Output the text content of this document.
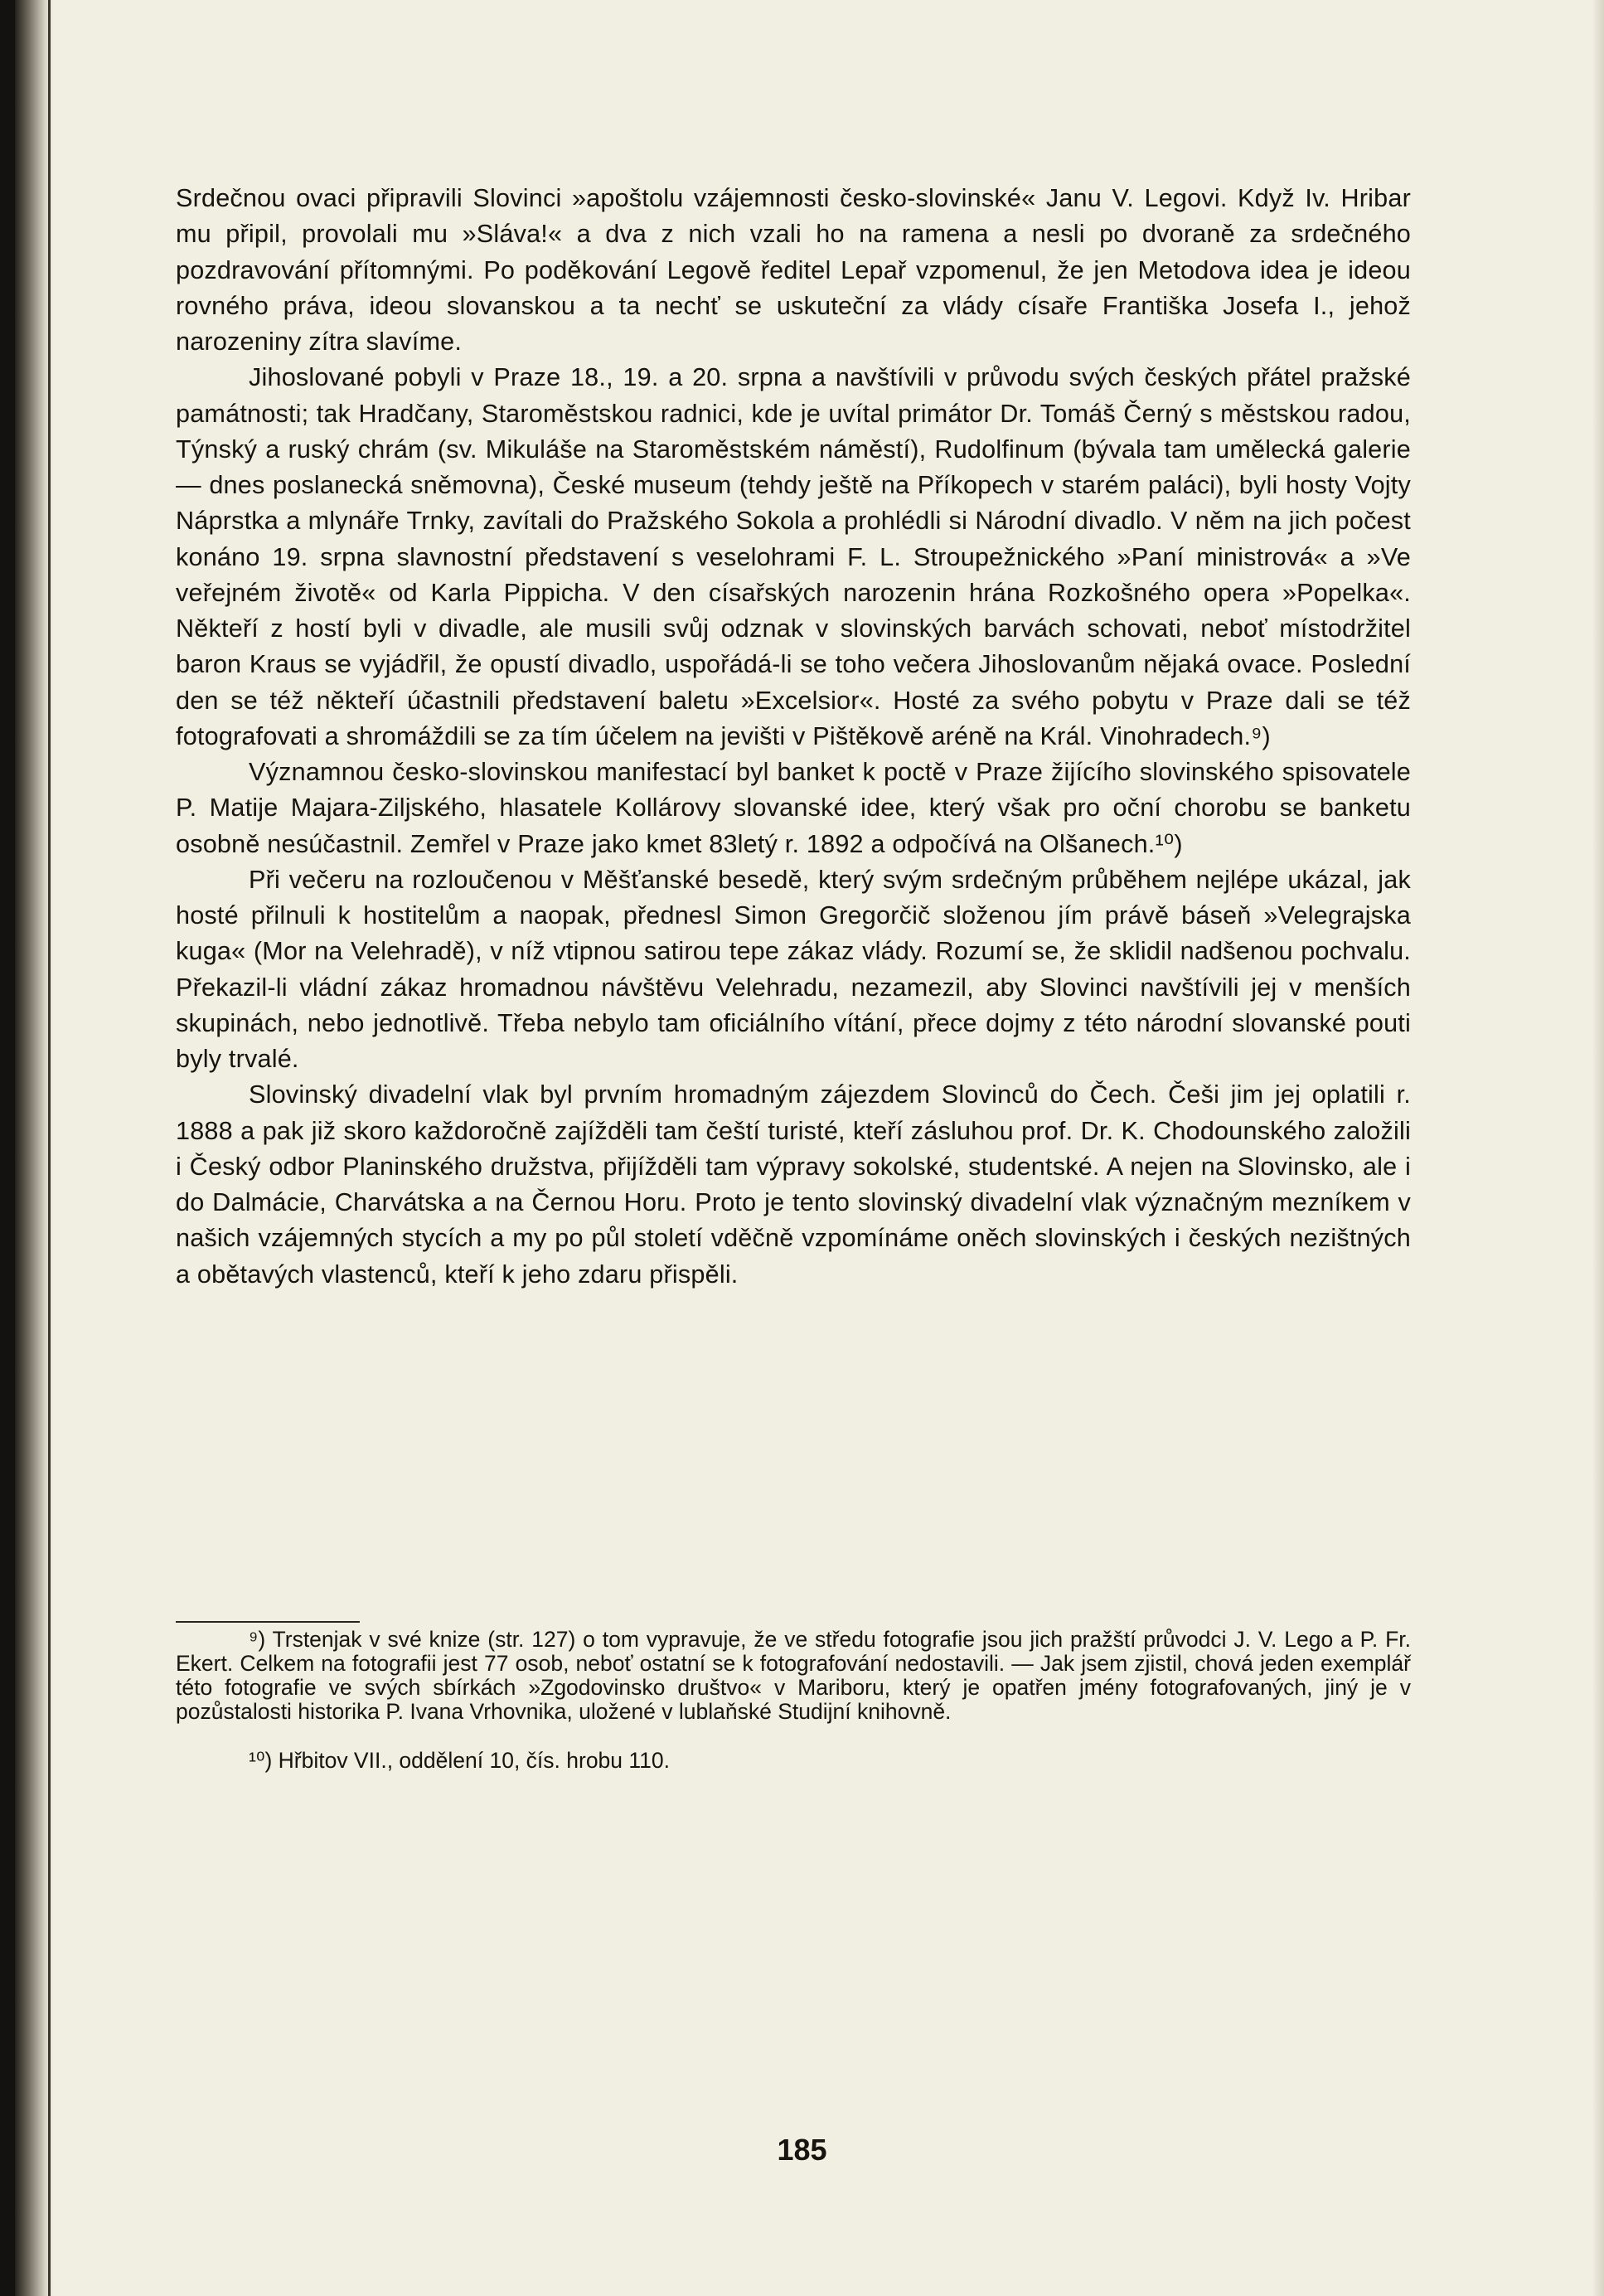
Srdečnou ovaci připravili Slovinci »apoštolu vzájemnosti česko-slovinské« Janu V. Legovi. Když Iv. Hribar mu připil, provolali mu »Sláva!« a dva z nich vzali ho na ramena a nesli po dvoraně za srdečného pozdravování přítomnými. Po poděkování Legově ředitel Lepař vzpomenul, že jen Metodova idea je ideou rovného práva, ideou slovanskou a ta nechť se uskuteční za vlády císaře Františka Josefa I., jehož narozeniny zítra slavíme.

Jihoslované pobyli v Praze 18., 19. a 20. srpna a navštívili v průvodu svých českých přátel pražské památnosti; tak Hradčany, Staroměstskou radnici, kde je uvítal primátor Dr. Tomáš Černý s městskou radou, Týnský a ruský chrám (sv. Mikuláše na Staroměstském náměstí), Rudolfinum (bývala tam umělecká galerie — dnes poslanecká sněmovna), České museum (tehdy ještě na Příkopech v starém paláci), byli hosty Vojty Náprstka a mlynáře Trnky, zavítali do Pražského Sokola a prohlédli si Národní divadlo. V něm na jich počest konáno 19. srpna slavnostní představení s veselohrami F. L. Stroupežnického »Paní ministrová« a »Ve veřejném životě« od Karla Pippicha. V den císařských narozenin hrána Rozkošného opera »Popelka«. Někteří z hostí byli v divadle, ale musili svůj odznak v slovinských barvách schovati, neboť místodržitel baron Kraus se vyjádřil, že opustí divadlo, uspořádá-li se toho večera Jihoslovanům nějaká ovace. Poslední den se též někteří účastnili představení baletu »Excelsior«. Hosté za svého pobytu v Praze dali se též fotografovati a shromáždili se za tím účelem na jevišti v Pištěkově aréně na Král. Vinohradech.⁹)

Významnou česko-slovinskou manifestací byl banket k poctě v Praze žijícího slovinského spisovatele P. Matije Majara-Ziljského, hlasatele Kollárovy slovanské idee, který však pro oční chorobu se banketu osobně nesúčastnil. Zemřel v Praze jako kmet 83letý r. 1892 a odpočívá na Olšanech.¹⁰)

Při večeru na rozloučenou v Měšťanské besedě, který svým srdečným průběhem nejlépe ukázal, jak hosté přilnuli k hostitelům a naopak, přednesl Simon Gregorčič složenou jím právě báseň »Velegrajska kuga« (Mor na Velehradě), v níž vtipnou satirou tepe zákaz vlády. Rozumí se, že sklidil nadšenou pochvalu. Překazil-li vládní zákaz hromadnou návštěvu Velehradu, nezamezil, aby Slovinci navštívili jej v menších skupinách, nebo jednotlivě. Třeba nebylo tam oficiálního vítání, přece dojmy z této národní slovanské pouti byly trvalé.

Slovinský divadelní vlak byl prvním hromadným zájezdem Slovinců do Čech. Češi jim jej oplatili r. 1888 a pak již skoro každoročně zajížděli tam čeští turisté, kteří zásluhou prof. Dr. K. Chodounského založili i Český odbor Planinského družstva, přijížděli tam výpravy sokolské, studentské. A nejen na Slovinsko, ale i do Dalmácie, Charvátska a na Černou Horu. Proto je tento slovinský divadelní vlak význačným mezníkem v našich vzájemných stycích a my po půl století vděčně vzpomínáme oněch slovinských i českých nezištných a obětavých vlastenců, kteří k jeho zdaru přispěli.

⁹) Trstenjak v své knize (str. 127) o tom vypravuje, že ve středu fotografie jsou jich pražští průvodci J. V. Lego a P. Fr. Ekert. Celkem na fotografii jest 77 osob, neboť ostatní se k fotografování nedostavili. — Jak jsem zjistil, chová jeden exemplář této fotografie ve svých sbírkách »Zgodovinsko društvo« v Mariboru, který je opatřen jmény fotografovaných, jiný je v pozůstalosti historika P. Ivana Vrhovnika, uložené v lublaňské Studijní knihovně.

¹⁰) Hřbitov VII., oddělení 10, čís. hrobu 110.

185
